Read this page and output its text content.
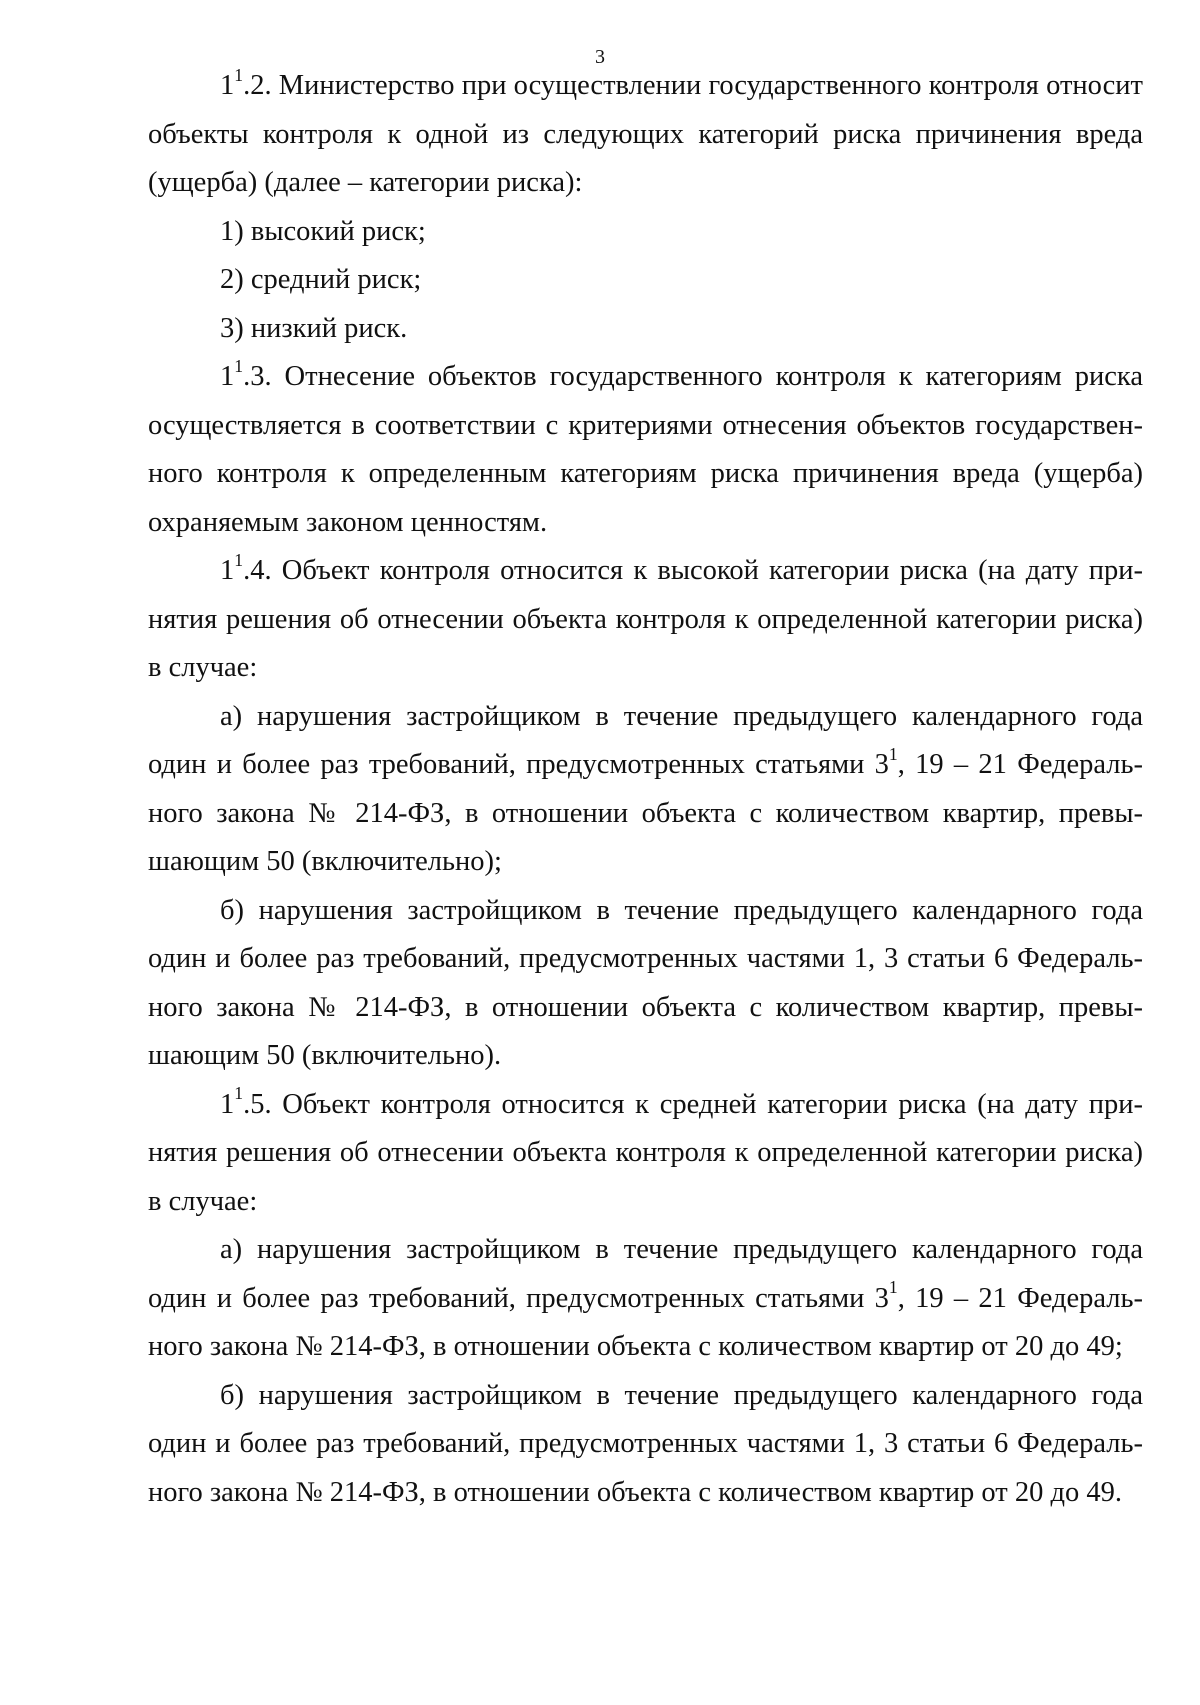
3

$1^1.2$. Министерство при осуществлении государственного контроля относит объекты контроля к одной из следующих категорий риска причинения вреда (ущерба) (далее – категории риска):

1) высокий риск;

2) средний риск;

3) низкий риск.

$1^1.3$. Отнесение объектов государственного контроля к категориям риска осуществляется в соответствии с критериями отнесения объектов государственного контроля к определенным категориям риска причинения вреда (ущерба) охраняемым законом ценностям.

$1^1.4$. Объект контроля относится к высокой категории риска (на дату принятия решения об отнесении объекта контроля к определенной категории риска) в случае:

а) нарушения застройщиком в течение предыдущего календарного года один и более раз требований, предусмотренных статьями $3^1$, 19 – 21 Федерального закона № 214-ФЗ, в отношении объекта с количеством квартир, превышающим 50 (включительно);

б) нарушения застройщиком в течение предыдущего календарного года один и более раз требований, предусмотренных частями 1, 3 статьи 6 Федерального закона № 214-ФЗ, в отношении объекта с количеством квартир, превышающим 50 (включительно).

$1^1.5$. Объект контроля относится к средней категории риска (на дату принятия решения об отнесении объекта контроля к определенной категории риска) в случае:

а) нарушения застройщиком в течение предыдущего календарного года один и более раз требований, предусмотренных статьями $3^1$, 19 – 21 Федерального закона № 214-ФЗ, в отношении объекта с количеством квартир от 20 до 49;

б) нарушения застройщиком в течение предыдущего календарного года один и более раз требований, предусмотренных частями 1, 3 статьи 6 Федерального закона № 214-ФЗ, в отношении объекта с количеством квартир от 20 до 49.
